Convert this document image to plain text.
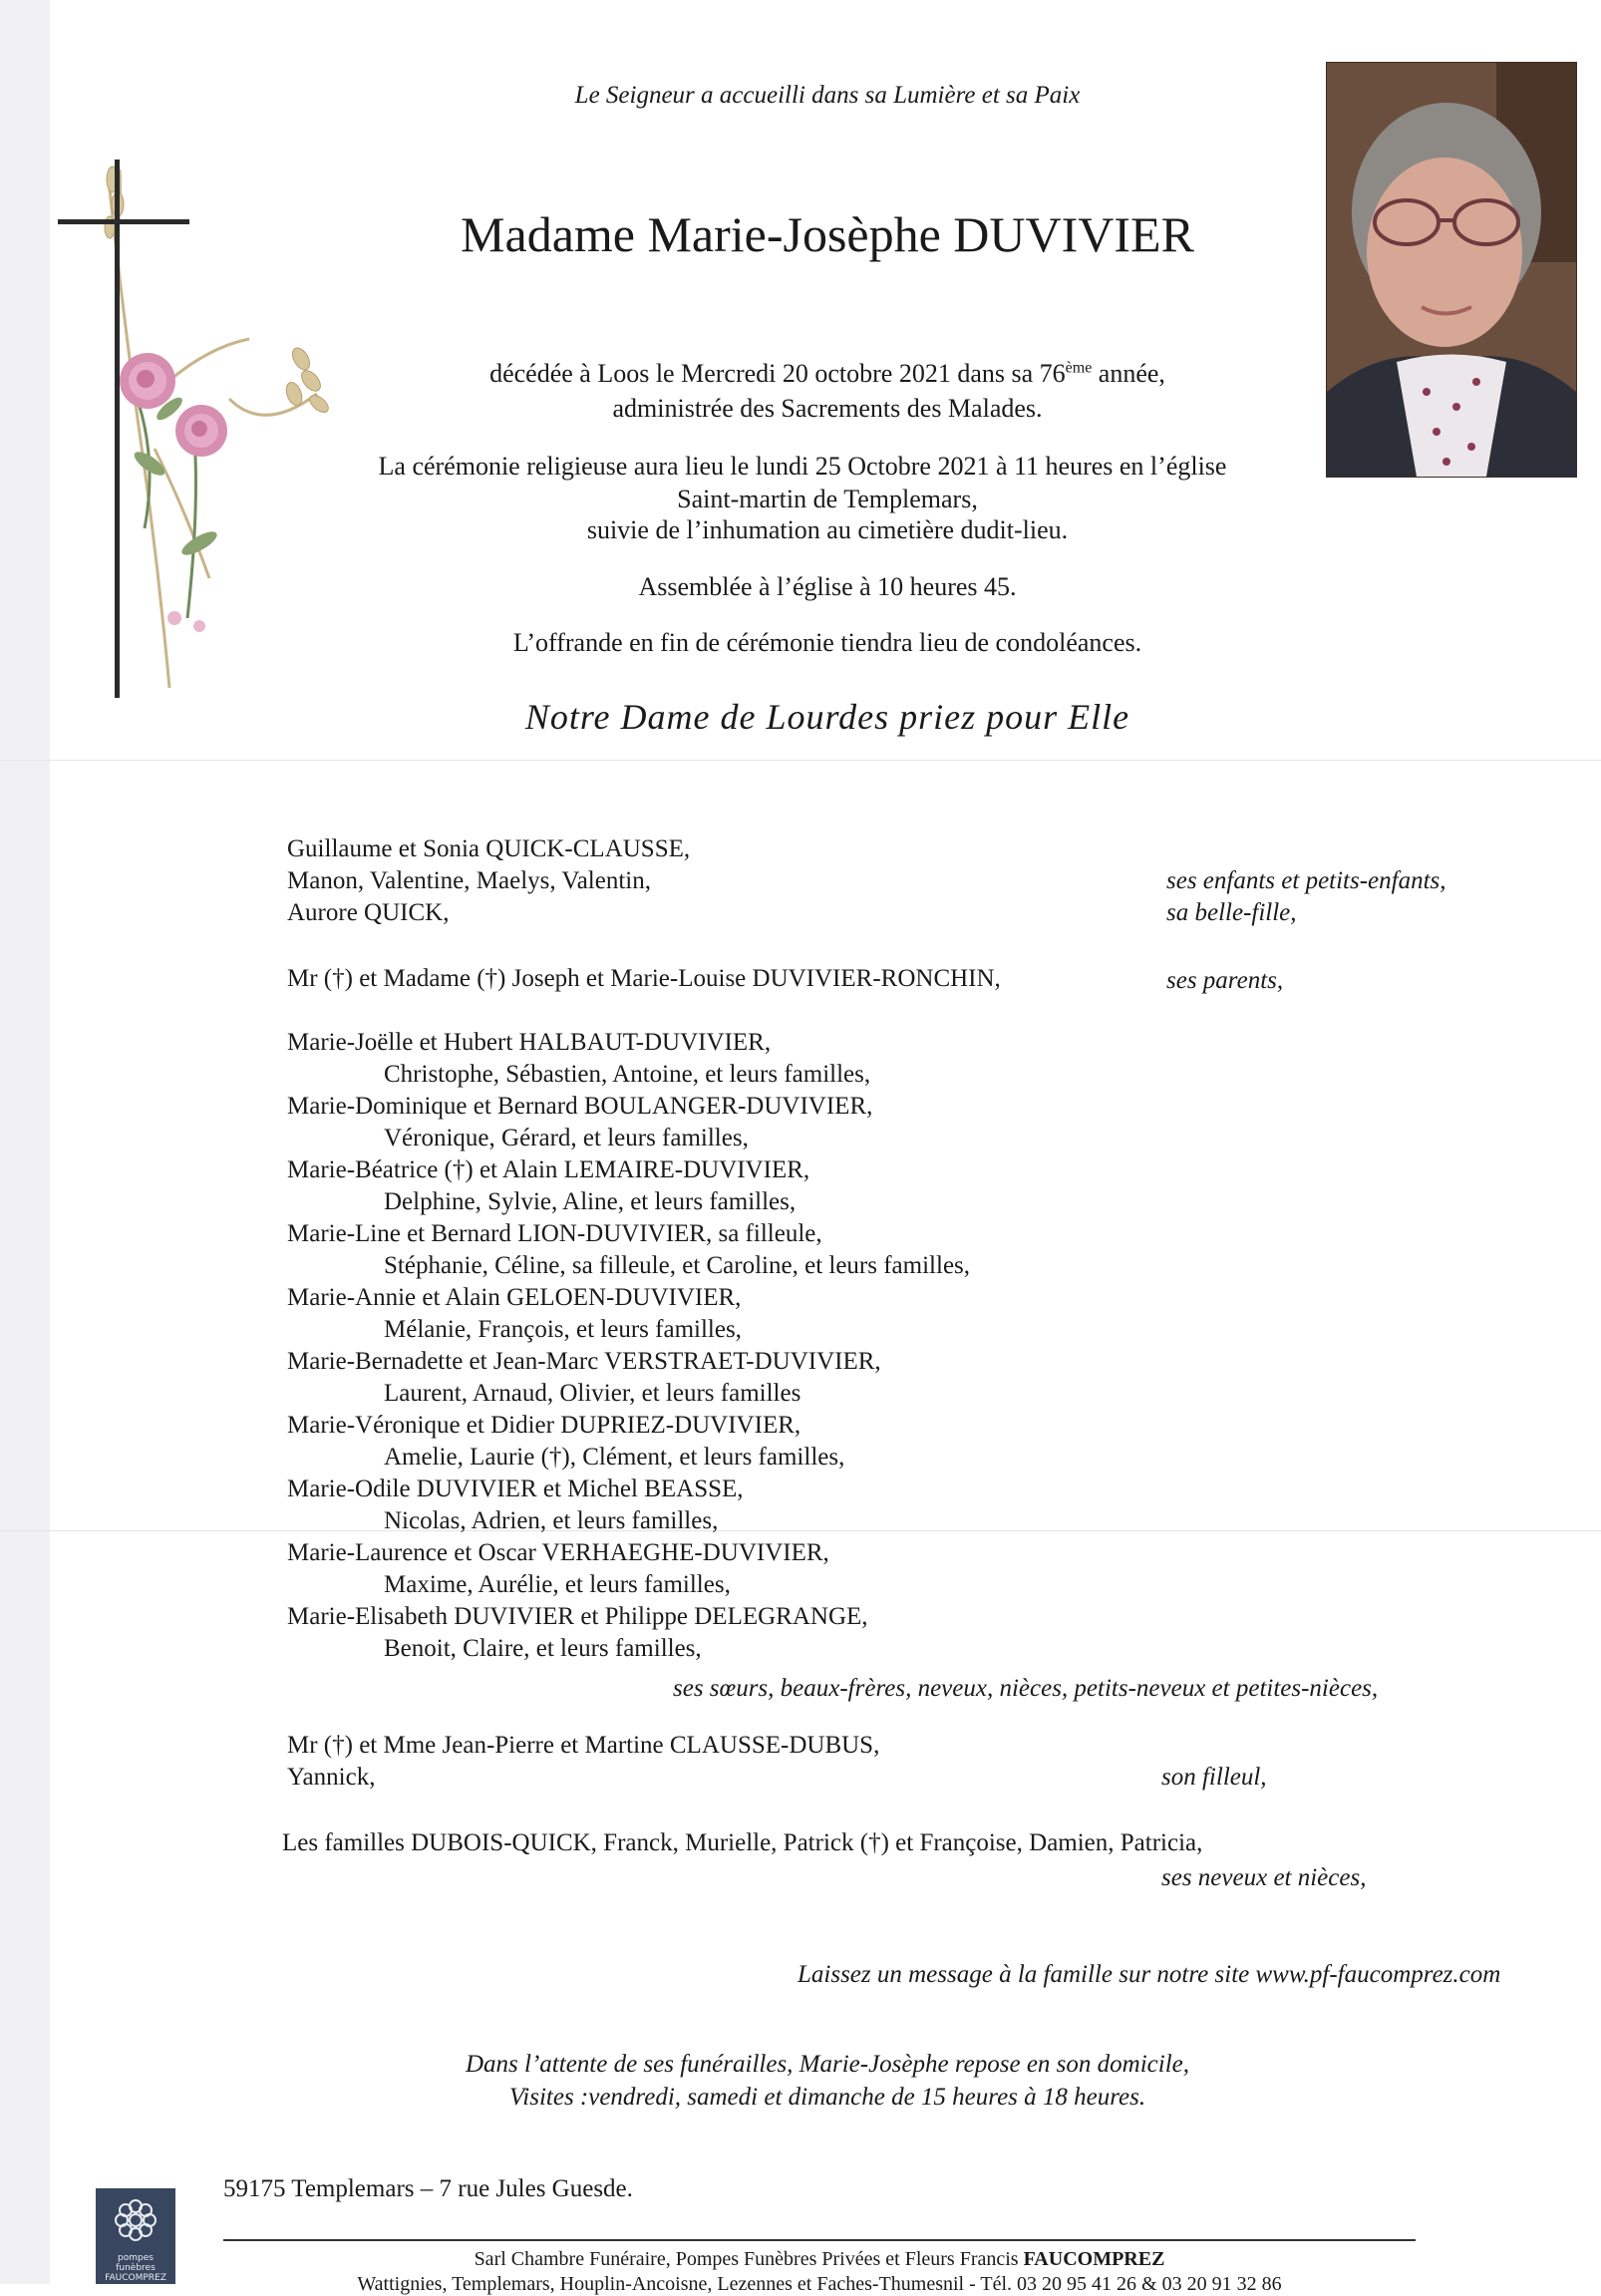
Le Seigneur a accueilli dans sa Lumière et sa Paix
Madame Marie-Josèphe DUVIVIER
décédée à Loos le Mercredi 20 octobre 2021 dans sa 76ème année,
administrée des Sacrements des Malades.
La cérémonie religieuse aura lieu le lundi 25 Octobre 2021 à 11 heures en l’église
Saint-martin de Templemars,
suivie de l’inhumation au cimetière dudit-lieu.
Assemblée à l’église à 10 heures 45.
L’offrande en fin de cérémonie tiendra lieu de condoléances.
Notre Dame de Lourdes priez pour Elle
Guillaume et Sonia QUICK-CLAUSSE,
Manon, Valentine, Maelys, Valentin,
Aurore QUICK,
ses enfants et petits-enfants,
sa belle-fille,
Mr (†) et Madame (†) Joseph et Marie-Louise DUVIVIER-RONCHIN,	ses parents,
Marie-Joëlle et Hubert HALBAUT-DUVIVIER,
Christophe, Sébastien, Antoine, et leurs familles,
Marie-Dominique et Bernard BOULANGER-DUVIVIER,
Véronique, Gérard, et leurs familles,
Marie-Béatrice (†) et Alain LEMAIRE-DUVIVIER,
Delphine, Sylvie, Aline, et leurs familles,
Marie-Line et Bernard LION-DUVIVIER, sa filleule,
Stéphanie, Céline, sa filleule, et Caroline, et leurs familles,
Marie-Annie et Alain GELOEN-DUVIVIER,
Mélanie, François, et leurs familles,
Marie-Bernadette et Jean-Marc VERSTRAET-DUVIVIER,
Laurent, Arnaud, Olivier, et leurs familles
Marie-Véronique et Didier DUPRIEZ-DUVIVIER,
Amelie, Laurie (†), Clément, et leurs familles,
Marie-Odile DUVIVIER et Michel BEASSE,
Nicolas, Adrien, et leurs familles,
Marie-Laurence et Oscar VERHAEGHE-DUVIVIER,
Maxime, Aurélie, et leurs familles,
Marie-Elisabeth DUVIVIER et Philippe DELEGRANGE,
Benoit, Claire, et leurs familles,
ses sœurs, beaux-frères, neveux, nièces, petits-neveux et petites-nièces,
Mr (†) et Mme Jean-Pierre et Martine CLAUSSE-DUBUS,
Yannick,	son filleul,
Les familles DUBOIS-QUICK, Franck, Murielle, Patrick (†) et Françoise, Damien, Patricia,
ses neveux et nièces,
Laissez un message à la famille sur notre site www.pf-faucomprez.com
Dans l’attente de ses funérailles, Marie-Josèphe repose en son domicile,
Visites :vendredi, samedi et dimanche de 15 heures à 18 heures.
59175 Templemars – 7 rue Jules Guesde.
pompes funèbres FAUCOMPREZ
Sarl Chambre Funéraire, Pompes Funèbres Privées et Fleurs Francis FAUCOMPREZ
Wattignies, Templemars, Houplin-Ancoisne, Lezennes et Faches-Thumesnil - Tél. 03 20 95 41 26 & 03 20 91 32 86
